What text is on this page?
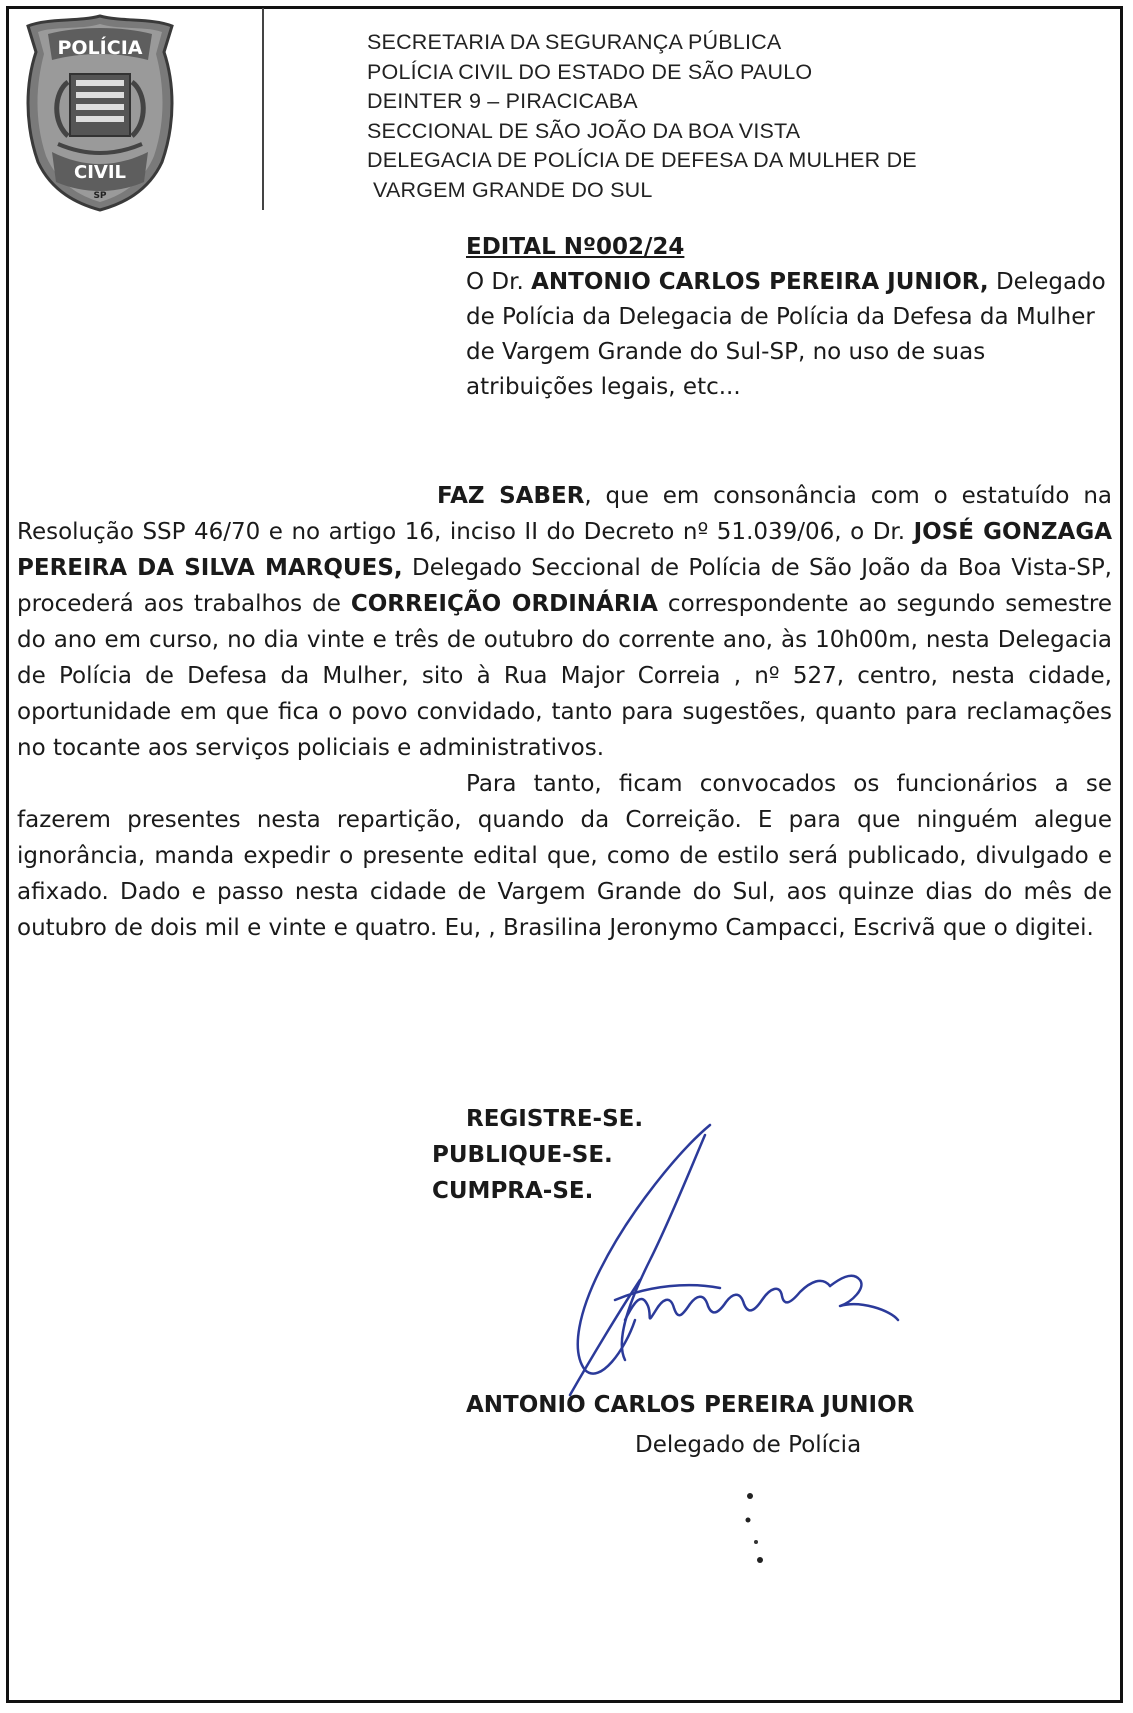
POLÍCIA
CIVIL
SP
SECRETARIA DA SEGURANÇA PÚBLICA
POLÍCIA CIVIL DO ESTADO DE SÃO PAULO
DEINTER 9 – PIRACICABA
SECCIONAL DE SÃO JOÃO DA BOA VISTA
DELEGACIA DE POLÍCIA DE DEFESA DA MULHER DE
VARGEM GRANDE DO SUL
EDITAL Nº002/24
O Dr. ANTONIO CARLOS PEREIRA JUNIOR, Delegado de Polícia da Delegacia de Polícia da Defesa da Mulher de Vargem Grande do Sul-SP, no uso de suas atribuições legais, etc...

FAZ SABER, que em consonância com o estatuído na Resolução SSP 46/70 e no artigo 16, inciso II do Decreto nº 51.039/06, o Dr. JOSÉ GONZAGA PEREIRA DA SILVA MARQUES, Delegado Seccional de Polícia de São João da Boa Vista-SP, procederá aos trabalhos de CORREIÇÃO ORDINÁRIA correspondente ao segundo semestre do ano em curso, no dia vinte e três de outubro do corrente ano, às 10h00m, nesta Delegacia de Polícia de Defesa da Mulher, sito à Rua Major Correia , nº 527, centro, nesta cidade, oportunidade em que fica o povo convidado, tanto para sugestões, quanto para reclamações no tocante aos serviços policiais e administrativos.

Para tanto, ficam convocados os funcionários a se fazerem presentes nesta repartição, quando da Correição. E para que ninguém alegue ignorância, manda expedir o presente edital que, como de estilo será publicado, divulgado e afixado. Dado e passo nesta cidade de Vargem Grande do Sul, aos quinze dias do mês de outubro de dois mil e vinte e quatro. Eu, , Brasilina Jeronymo Campacci, Escrivã que o digitei.

REGISTRE-SE.
PUBLIQUE-SE.
CUMPRA-SE.
ANTONIO CARLOS PEREIRA JUNIOR
Delegado de Polícia
